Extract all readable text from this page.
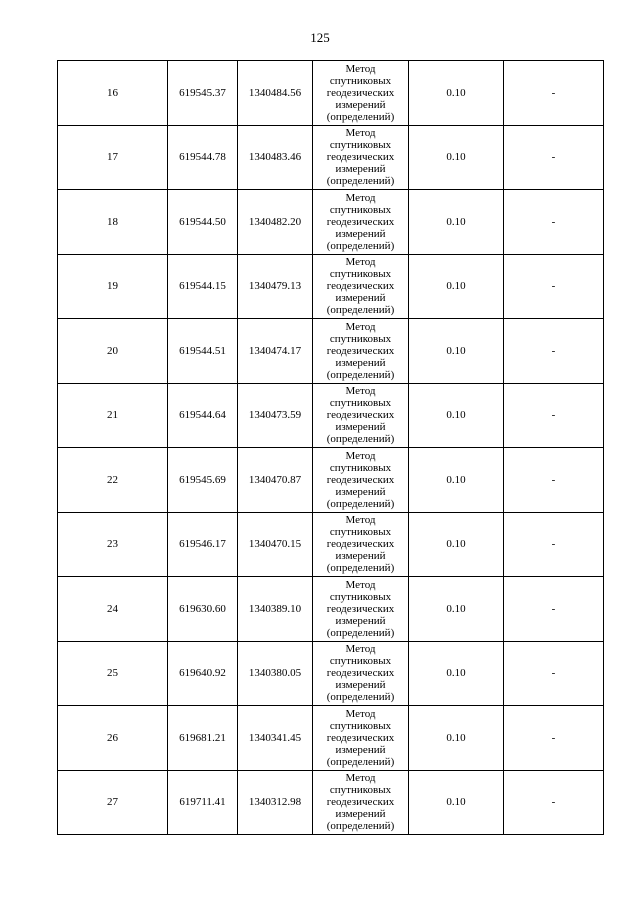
125
16	619545.37	1340484.56	Метод
спутниковых
геодезических
измерений
(определений)	0.10	-
17	619544.78	1340483.46	Метод
спутниковых
геодезических
измерений
(определений)	0.10	-
18	619544.50	1340482.20	Метод
спутниковых
геодезических
измерений
(определений)	0.10	-
19	619544.15	1340479.13	Метод
спутниковых
геодезических
измерений
(определений)	0.10	-
20	619544.51	1340474.17	Метод
спутниковых
геодезических
измерений
(определений)	0.10	-
21	619544.64	1340473.59	Метод
спутниковых
геодезических
измерений
(определений)	0.10	-
22	619545.69	1340470.87	Метод
спутниковых
геодезических
измерений
(определений)	0.10	-
23	619546.17	1340470.15	Метод
спутниковых
геодезических
измерений
(определений)	0.10	-
24	619630.60	1340389.10	Метод
спутниковых
геодезических
измерений
(определений)	0.10	-
25	619640.92	1340380.05	Метод
спутниковых
геодезических
измерений
(определений)	0.10	-
26	619681.21	1340341.45	Метод
спутниковых
геодезических
измерений
(определений)	0.10	-
27	619711.41	1340312.98	Метод
спутниковых
геодезических
измерений
(определений)	0.10	-
